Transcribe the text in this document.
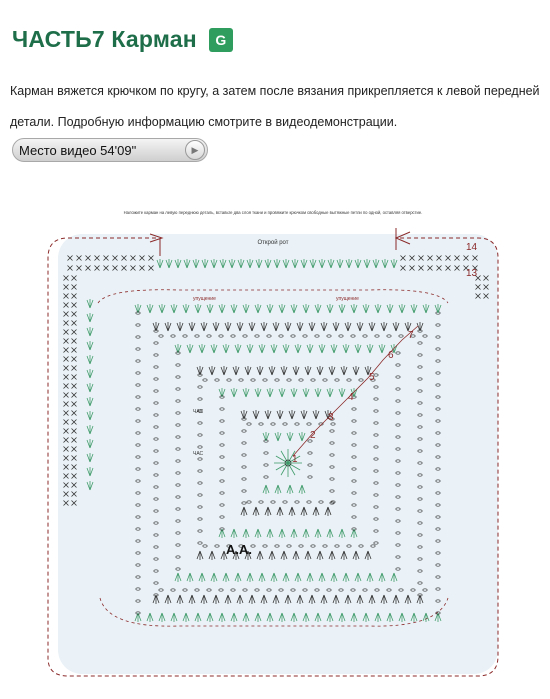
ЧАСТЬ7 Карман	G

Карман вяжется крючком по кругу, а затем после вязания прикрепляется к левой передней

детали. Подробную информацию смотрите в видеодемонстрации.

Место видео 54'09"	▶
Наложите карман на левую переднюю деталь, вставьте два слоя ткани и провяжите крючком свободные вытяжные петли по одной, оставляя отверстие.
Открой рот
упущение	упущение
1
2
3
4
5
6
7
13
14
ЧАС
ЧАС
А.А.
